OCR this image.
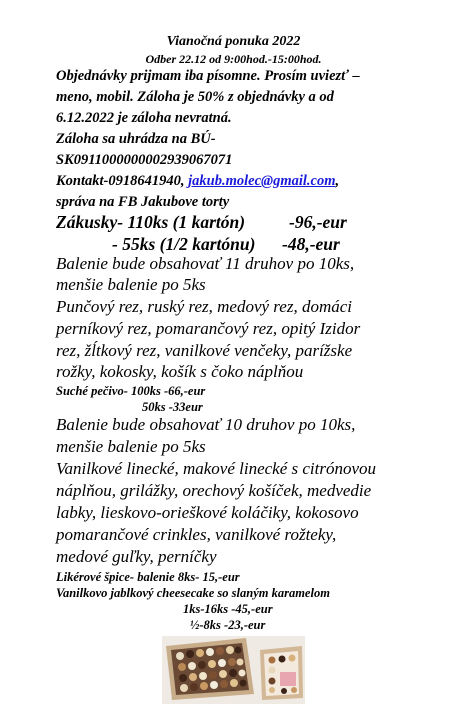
Vianočná ponuka 2022
Odber 22.12 od 9:00hod.-15:00hod.
Objednávky prijmam iba písomne. Prosím uviezť –
meno, mobil. Záloha je 50% z objednávky a od
6.12.2022 je záloha nevratná.
Záloha sa uhrádza na BÚ-
SK0911000000002939067071
Kontakt-0918641940, jakub.molec@gmail.com,
správa na FB Jakubove torty
Zákusky- 110ks (1 kartón)	-96,-eur
- 55ks (1/2 kartónu) -48,-eur
Balenie bude obsahovať 11 druhov po 10ks,
menšie balenie po 5ks
Punčový rez, ruský rez, medový rez, domáci
perníkový rez, pomarančový rez, opitý Izidor
rez, žĺtkový rez, vanilkové venčeky, parížske
rožky, kokosky, košík s čoko náplňou
Suché pečivo- 100ks -66,-eur
50ks -33eur
Balenie bude obsahovať 10 druhov po 10ks,
menšie balenie po 5ks
Vanilkové linecké, makové linecké s citrónovou
náplňou, grilážky, orechový košíček, medvedie
labky, lieskovo-orieškové koláčiky, kokosovo
pomarančové crinkles, vanilkové rožteky,
medové guľky, perníčky
Likérové špice- balenie 8ks- 15,-eur
Vanilkovo jablkový cheesecake so slaným karamelom
1ks-16ks -45,-eur
½-8ks -23,-eur
